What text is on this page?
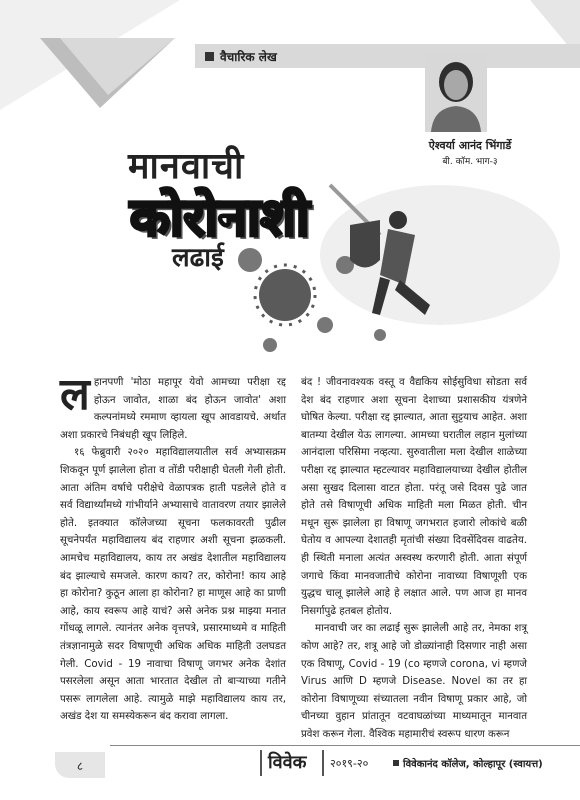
वैचारिक लेख
ऐश्वर्या आनंद भिंगार्डे
बी. कॉम. भाग-३
मानवाची
कोरोनाशी
लढाई

लहानपणी 'मोठा महापूर येवो आमच्या परीक्षा रद्द होऊन जावोत, शाळा बंद होऊन जावोत' अशा कल्पनांमध्ये रममाण व्हायला खूप आवडायचे. अर्थात अशा प्रकारचे निबंधही खूप लिहिले.

१६ फेब्रुवारी २०२० महाविद्यालयातील सर्व अभ्यासक्रम शिकवून पूर्ण झालेला होता व तोंडी परीक्षाही घेतली गेली होती. आता अंतिम वर्षाचे परीक्षेचे वेळापत्रक हाती पडलेले होते व सर्व विद्यार्थ्यांमध्ये गांभीर्याने अभ्यासाचे वातावरण तयार झालेले होते. इतक्यात कॉलेजच्या सूचना फलकावरती पुढील सूचनेपर्यंत महाविद्यालय बंद राहणार अशी सूचना झळकली. आमचेच महाविद्यालय, काय तर अखंड देशातील महाविद्यालय बंद झाल्याचे समजले. कारण काय? तर, कोरोना! काय आहे हा कोरोना? कुठून आला हा कोरोना? हा माणूस आहे का प्राणी आहे, काय स्वरूप आहे याचं? असे अनेक प्रश्न माझ्या मनात गोंधळू लागले. त्यानंतर अनेक वृत्तपत्रे, प्रसारमाध्यमे व माहिती तंत्रज्ञानामुळे सदर विषाणूची अधिक अधिक माहिती उलघडत गेली. Covid - 19 नावाचा विषाणू जगभर अनेक देशांत पसरलेला असून आता भारतात देखील तो बाऱ्याच्या गतीने पसरू लागलेला आहे. त्यामुळे माझे महाविद्यालय काय तर, अखंड देश या समस्येकरून बंद करावा लागला.

बंद ! जीवनावश्यक वस्तू व वैद्यकिय सोईसुविधा सोडता सर्व देश बंद राहणार अशा सूचना देशाच्या प्रशासकीय यंत्रणेने घोषित केल्या. परीक्षा रद्द झाल्यात, आता सुट्टयाच आहेत. अशा बातम्या देखील येऊ लागल्या. आमच्या घरातील लहान मुलांच्या आनंदाला परिसिमा नव्हत्या. सुरुवातीला मला देखील शाळेच्या परीक्षा रद्द झाल्यात म्हटल्यावर महाविद्यालयाच्या देखील होतील असा सुखद दिलासा वाटत होता. परंतू जसे दिवस पुढे जात होते तसे विषाणूची अधिक माहिती मला मिळत होती. चीन मधून सुरू झालेला हा विषाणू जगभरात हजारो लोकांचे बळी घेतोय व आपल्या देशातही मृतांची संख्या दिवसेंदिवस वाढतेय. ही स्थिती मनाला अत्यंत अस्वस्थ करणारी होती. आता संपूर्ण जगाचे किंवा मानवजातीचे कोरोना नावाच्या विषाणूशी एक युद्धच चालू झालेले आहे हे लक्षात आले. पण आज हा मानव निसर्गापुढे हतबल होतोय.

मानवाची जर का लढाई सुरू झालेली आहे तर, नेमका शत्रू कोण आहे? तर, शत्रू आहे जो डोळ्यांनाही दिसणार नाही असा एक विषाणू, Covid - 19 (co म्हणजे corona, vi म्हणजे Virus आणि D म्हणजे Disease. Novel का तर हा कोरोना विषाणूच्या संच्यातला नवीन विषाणू प्रकार आहे, जो चीनच्या वुहान प्रांतातून वटवाघळांच्या माध्यमातून मानवात प्रवेश करून गेला. वैश्विक महामारीचं स्वरूप धारण करून

८	विवेक २०१९-२०	विवेकानंद कॉलेज, कोल्हापूर (स्वायत्त)
